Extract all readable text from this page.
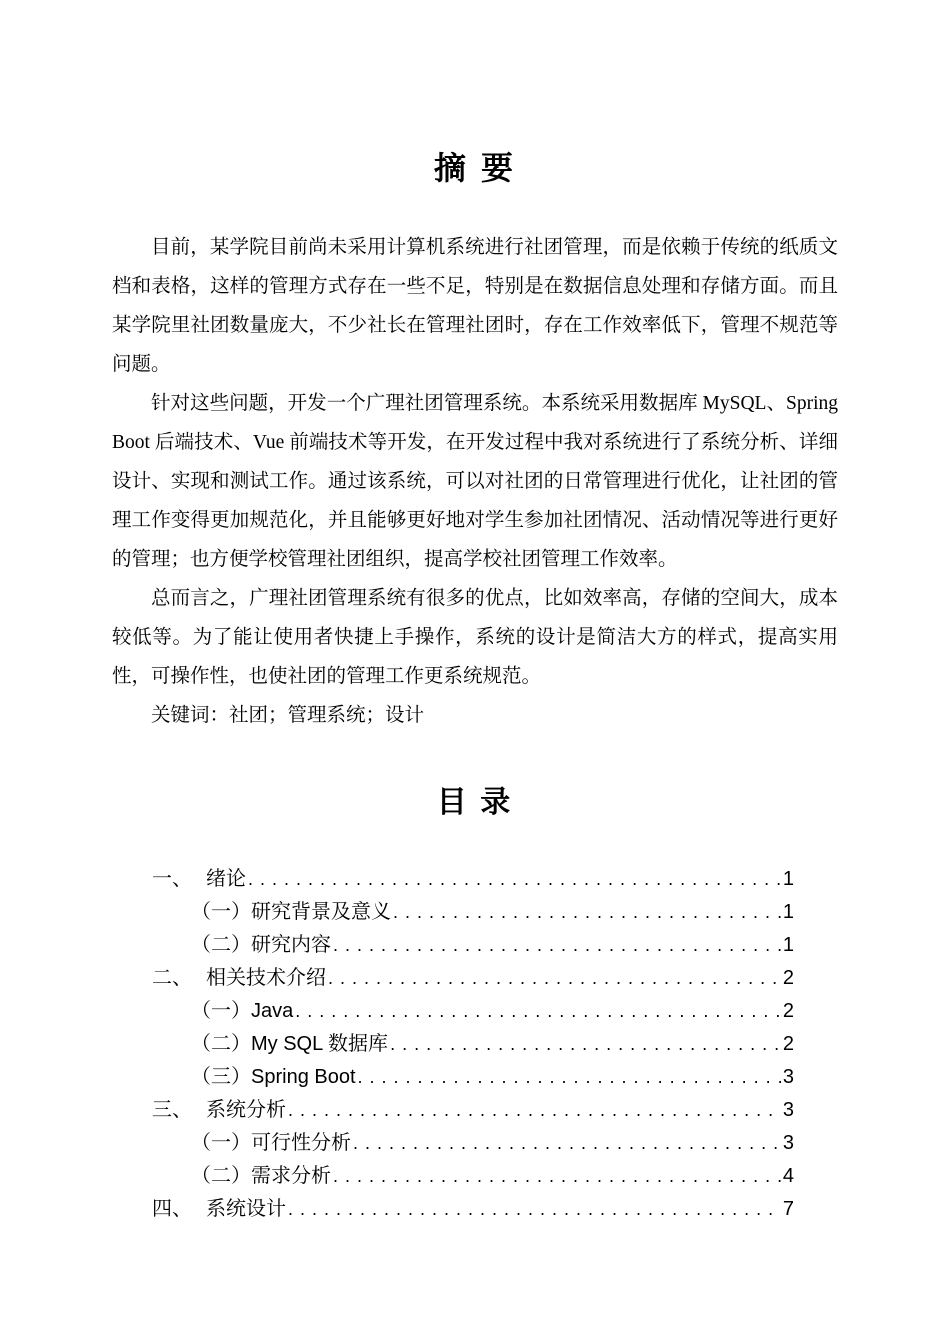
摘 要

目前，某学院目前尚未采用计算机系统进行社团管理，而是依赖于传统的纸质文档和表格，这样的管理方式存在一些不足，特别是在数据信息处理和存储方面。而且某学院里社团数量庞大，不少社长在管理社团时，存在工作效率低下，管理不规范等问题。

针对这些问题，开发一个广理社团管理系统。本系统采用数据库 MySQL、Spring Boot 后端技术、Vue 前端技术等开发，在开发过程中我对系统进行了系统分析、详细设计、实现和测试工作。通过该系统，可以对社团的日常管理进行优化，让社团的管理工作变得更加规范化，并且能够更好地对学生参加社团情况、活动情况等进行更好的管理；也方便学校管理社团组织，提高学校社团管理工作效率。

总而言之，广理社团管理系统有很多的优点，比如效率高，存储的空间大，成本较低等。为了能让使用者快捷上手操作，系统的设计是简洁大方的样式，提高实用性，可操作性，也使社团的管理工作更系统规范。

关键词：社团；管理系统；设计

目 录
一、 绪论 . . .	1
（一） 研究背景及意义 . . .	1
（二） 研究内容 . . .	1
二、 相关技术介绍 . . .	2
（一） Java . . .	2
（二） My SQL 数据库 . . .	2
（三） Spring Boot . . .	3
三、 系统分析 . . .	3
（一） 可行性分析 . . .	3
（二） 需求分析 . . .	4
四、 系统设计 . . .	7
